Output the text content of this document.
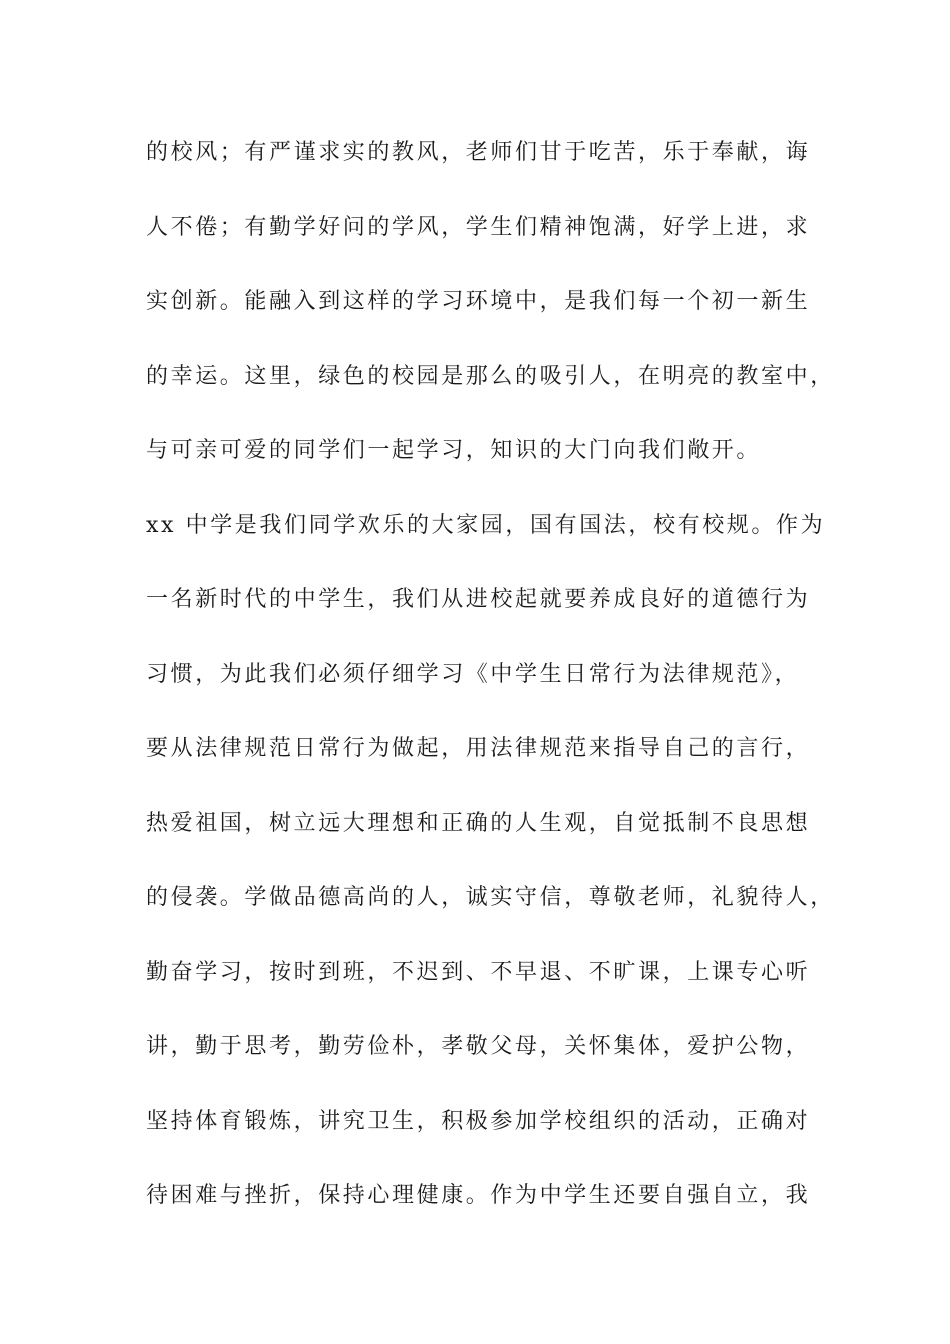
的校风；有严谨求实的教风，老师们甘于吃苦，乐于奉献，诲
人不倦；有勤学好问的学风，学生们精神饱满，好学上进，求
实创新。能融入到这样的学习环境中，是我们每一个初一新生
的幸运。这里，绿色的校园是那么的吸引人，在明亮的教室中，
与可亲可爱的同学们一起学习，知识的大门向我们敞开。
xx 中学是我们同学欢乐的大家园，国有国法，校有校规。作为
一名新时代的中学生，我们从进校起就要养成良好的道德行为
习惯，为此我们必须仔细学习《中学生日常行为法律规范》，
要从法律规范日常行为做起，用法律规范来指导自己的言行，
热爱祖国，树立远大理想和正确的人生观，自觉抵制不良思想
的侵袭。学做品德高尚的人，诚实守信，尊敬老师，礼貌待人，
勤奋学习，按时到班，不迟到、不早退、不旷课，上课专心听
讲，勤于思考，勤劳俭朴，孝敬父母，关怀集体，爱护公物，
坚持体育锻炼，讲究卫生，积极参加学校组织的活动，正确对
待困难与挫折，保持心理健康。作为中学生还要自强自立，我
